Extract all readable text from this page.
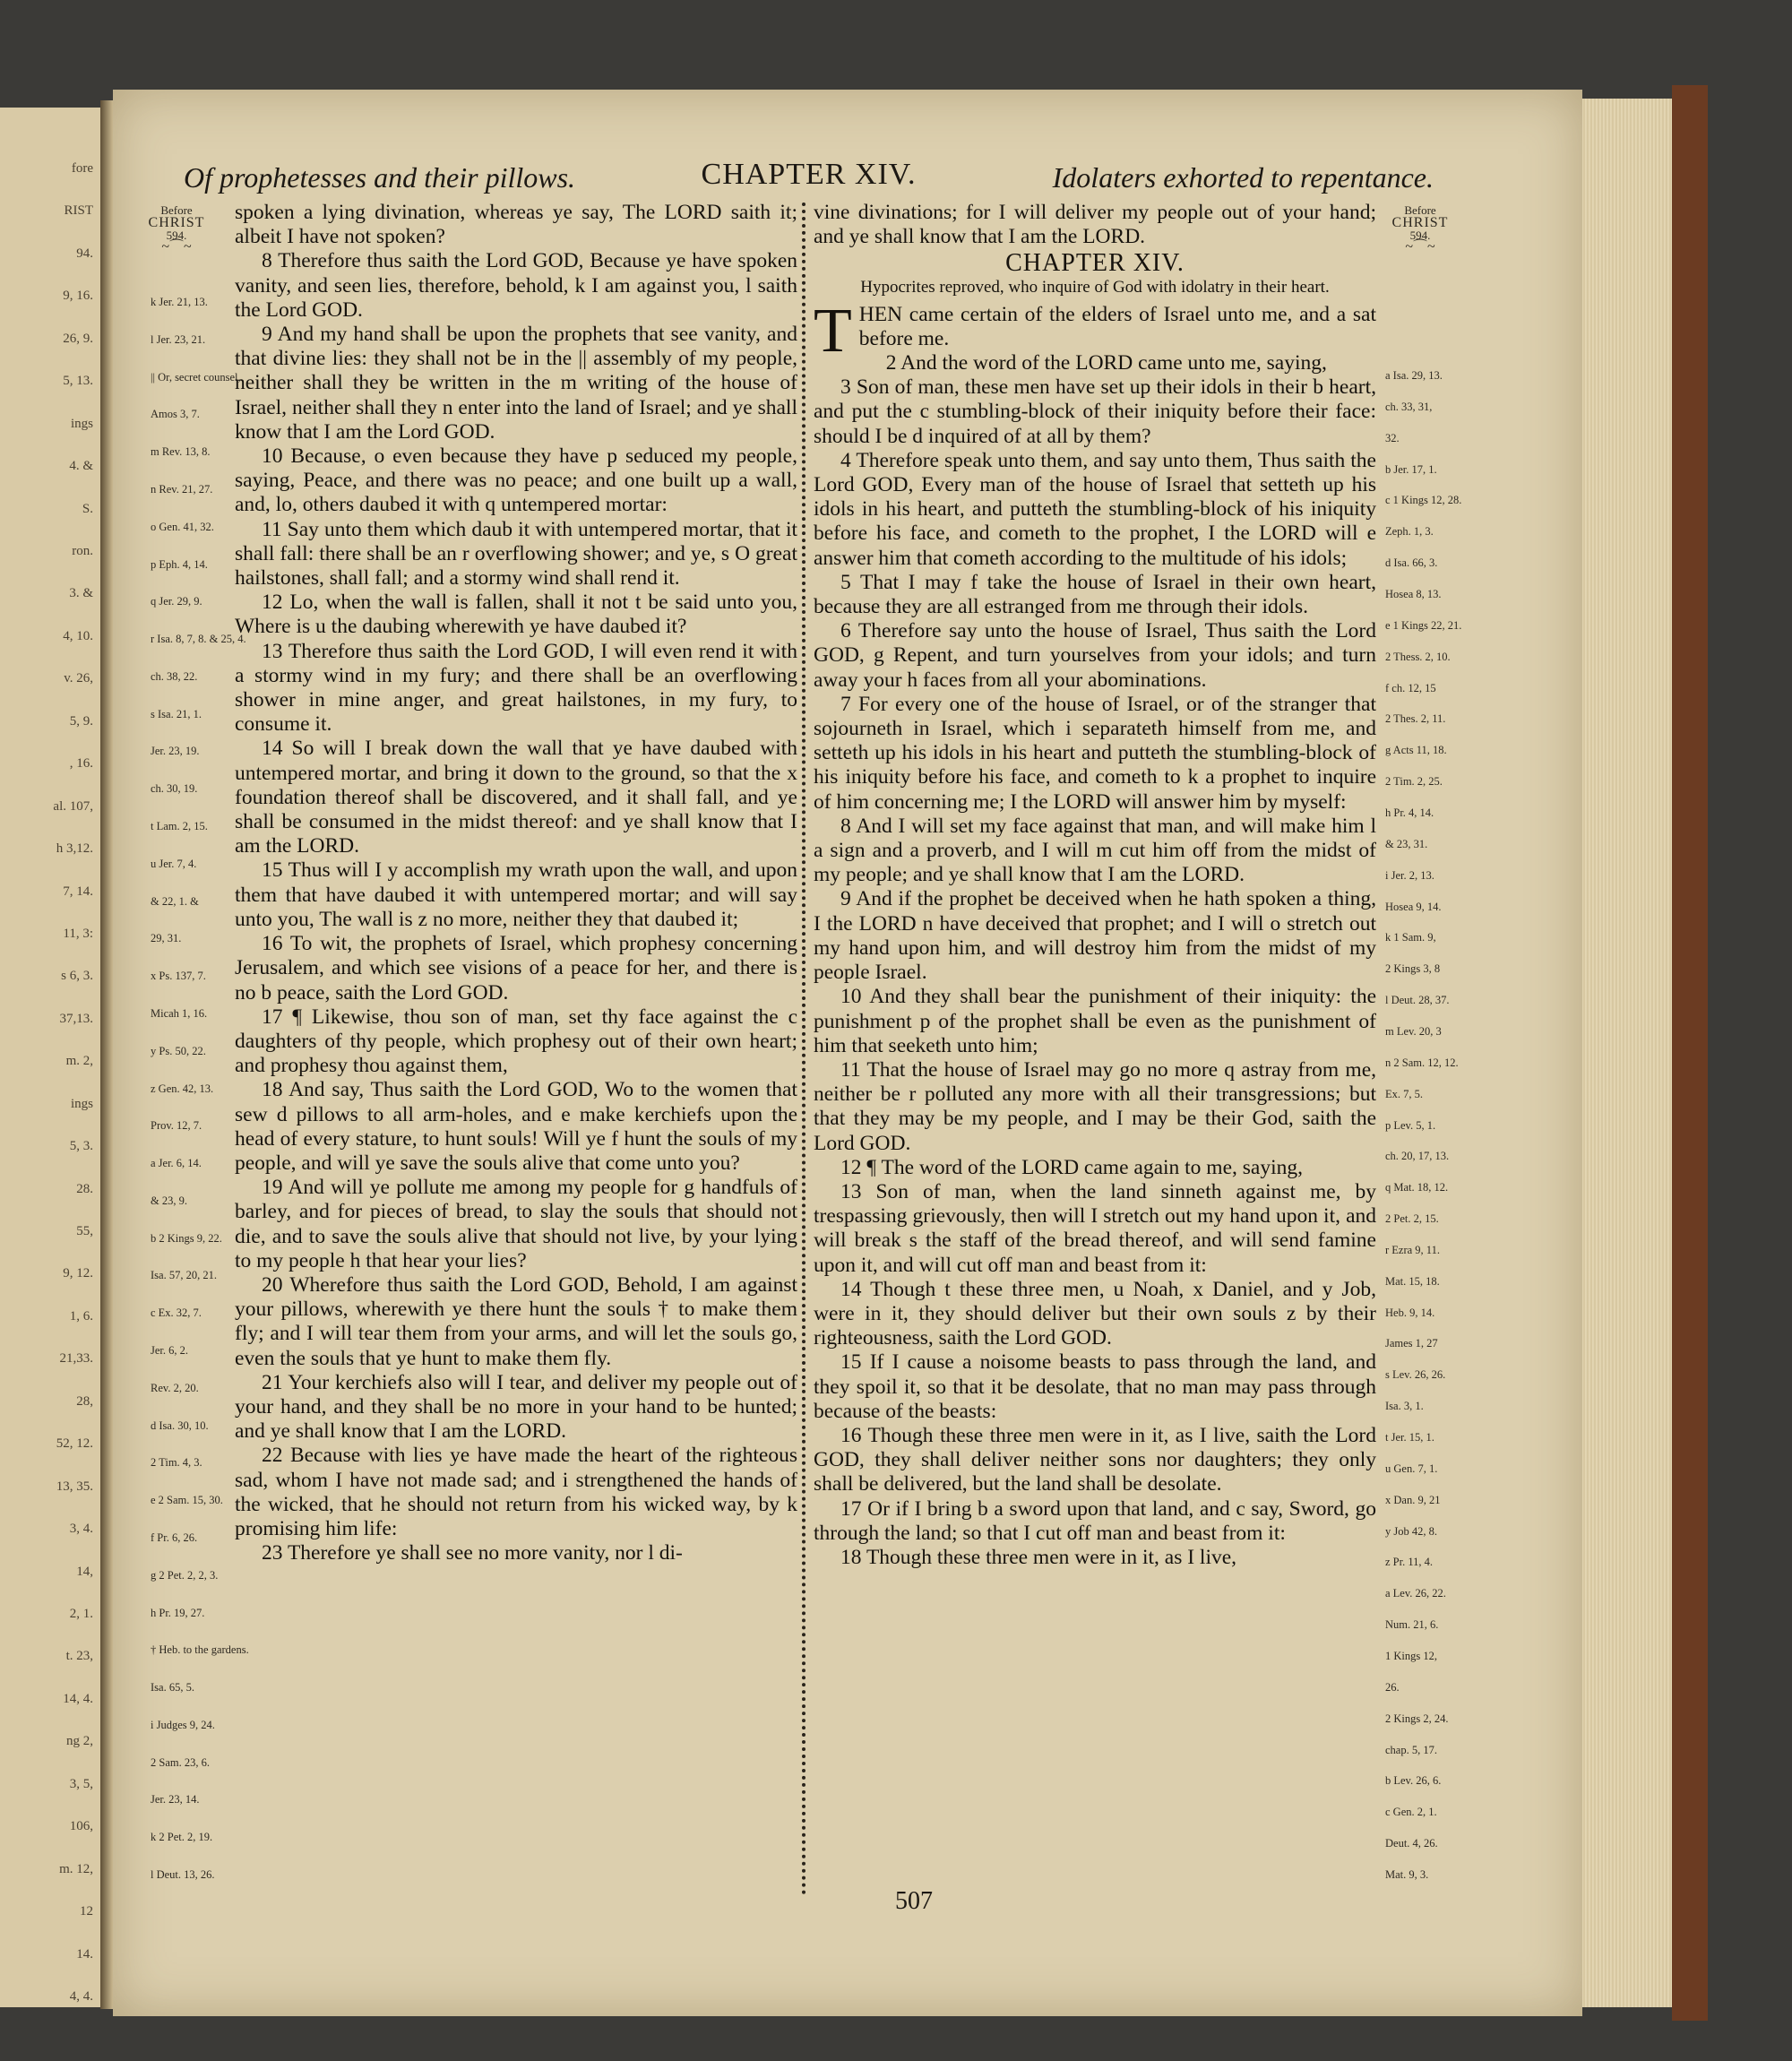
fore
RIST
94.
9, 16.
26, 9.
5, 13.
ings
4. &
S.
ron.
3. &
4, 10.
v. 26,
5, 9.
, 16.
al. 107,
h 3,12.
7, 14.
11, 3:
s 6, 3.
37,13.
m. 2,
ings
5, 3.
28.
55,
9, 12.
1, 6.
21,33.
28,
52, 12.
13, 35.
3, 4.
14,
2, 1.
t. 23,
14, 4.
ng 2,
3, 5,
106,
m. 12,
12
14.
4, 4.
Of prophetesses and their pillows.	CHAPTER XIV.	Idolaters exhorted to repentance.
Before
CHRIST
594.
~⌒~
Before
CHRIST
594.
~⌒~
k Jer. 21, 13.
l Jer. 23, 21.
|| Or, secret counsel,
Amos 3, 7.
m Rev. 13, 8.
n Rev. 21, 27.
o Gen. 41, 32.
p Eph. 4, 14.
q Jer. 29, 9.
r Isa. 8, 7, 8. & 25, 4.
ch. 38, 22.
s Isa. 21, 1.
Jer. 23, 19.
ch. 30, 19.
t Lam. 2, 15.
u Jer. 7, 4.
& 22, 1. &
29, 31.
x Ps. 137, 7.
Micah 1, 16.
y Ps. 50, 22.
z Gen. 42, 13.
Prov. 12, 7.
a Jer. 6, 14.
& 23, 9.
b 2 Kings 9, 22.
Isa. 57, 20, 21.
c Ex. 32, 7.
Jer. 6, 2.
Rev. 2, 20.
d Isa. 30, 10.
2 Tim. 4, 3.
e 2 Sam. 15, 30.
f Pr. 6, 26.
g 2 Pet. 2, 2, 3.
h Pr. 19, 27.
† Heb. to the gardens.
Isa. 65, 5.
i Judges 9, 24.
2 Sam. 23, 6.
Jer. 23, 14.
k 2 Pet. 2, 19.
l Deut. 13, 26.
a Isa. 29, 13.
ch. 33, 31,
32.
b Jer. 17, 1.
c 1 Kings 12, 28.
Zeph. 1, 3.
d Isa. 66, 3.
Hosea 8, 13.
e 1 Kings 22, 21.
2 Thess. 2, 10.
f ch. 12, 15
2 Thes. 2, 11.
g Acts 11, 18.
2 Tim. 2, 25.
h Pr. 4, 14.
& 23, 31.
i Jer. 2, 13.
Hosea 9, 14.
k 1 Sam. 9,
2 Kings 3, 8
l Deut. 28, 37.
m Lev. 20, 3
n 2 Sam. 12, 12.
Ex. 7, 5.
p Lev. 5, 1.
ch. 20, 17, 13.
q Mat. 18, 12.
2 Pet. 2, 15.
r Ezra 9, 11.
Mat. 15, 18.
Heb. 9, 14.
James 1, 27
s Lev. 26, 26.
Isa. 3, 1.
t Jer. 15, 1.
u Gen. 7, 1.
x Dan. 9, 21
y Job 42, 8.
z Pr. 11, 4.
a Lev. 26, 22.
Num. 21, 6.
1 Kings 12,
26.
2 Kings 2, 24.
chap. 5, 17.
b Lev. 26, 6.
c Gen. 2, 1.
Deut. 4, 26.
Mat. 9, 3.

spoken a lying divination, whereas ye say, The LORD saith it; albeit I have not spoken?

8 Therefore thus saith the Lord GOD, Because ye have spoken vanity, and seen lies, therefore, behold, k I am against you, l saith the Lord GOD.

9 And my hand shall be upon the prophets that see vanity, and that divine lies: they shall not be in the || assembly of my people, neither shall they be written in the m writing of the house of Israel, neither shall they n enter into the land of Israel; and ye shall know that I am the Lord GOD.

10 Because, o even because they have p seduced my people, saying, Peace, and there was no peace; and one built up a wall, and, lo, others daubed it with q untempered mortar:

11 Say unto them which daub it with untempered mortar, that it shall fall: there shall be an r overflowing shower; and ye, s O great hailstones, shall fall; and a stormy wind shall rend it.

12 Lo, when the wall is fallen, shall it not t be said unto you, Where is u the daubing wherewith ye have daubed it?

13 Therefore thus saith the Lord GOD, I will even rend it with a stormy wind in my fury; and there shall be an overflowing shower in mine anger, and great hailstones, in my fury, to consume it.

14 So will I break down the wall that ye have daubed with untempered mortar, and bring it down to the ground, so that the x foundation thereof shall be discovered, and it shall fall, and ye shall be consumed in the midst thereof: and ye shall know that I am the LORD.

15 Thus will I y accomplish my wrath upon the wall, and upon them that have daubed it with untempered mortar; and will say unto you, The wall is z no more, neither they that daubed it;

16 To wit, the prophets of Israel, which prophesy concerning Jerusalem, and which see visions of a peace for her, and there is no b peace, saith the Lord GOD.

17 ¶ Likewise, thou son of man, set thy face against the c daughters of thy people, which prophesy out of their own heart; and prophesy thou against them,

18 And say, Thus saith the Lord GOD, Wo to the women that sew d pillows to all arm-holes, and e make kerchiefs upon the head of every stature, to hunt souls! Will ye f hunt the souls of my people, and will ye save the souls alive that come unto you?

19 And will ye pollute me among my people for g handfuls of barley, and for pieces of bread, to slay the souls that should not die, and to save the souls alive that should not live, by your lying to my people h that hear your lies?

20 Wherefore thus saith the Lord GOD, Behold, I am against your pillows, wherewith ye there hunt the souls † to make them fly; and I will tear them from your arms, and will let the souls go, even the souls that ye hunt to make them fly.

21 Your kerchiefs also will I tear, and deliver my people out of your hand, and they shall be no more in your hand to be hunted; and ye shall know that I am the LORD.

22 Because with lies ye have made the heart of the righteous sad, whom I have not made sad; and i strengthened the hands of the wicked, that he should not return from his wicked way, by k promising him life:

23 Therefore ye shall see no more vanity, nor l di-

vine divinations; for I will deliver my people out of your hand; and ye shall know that I am the LORD.

CHAPTER XIV.
Hypocrites reproved, who inquire of God with idolatry in their heart.

THEN came certain of the elders of Israel unto me, and a sat before me.

2 And the word of the LORD came unto me, saying,

3 Son of man, these men have set up their idols in their b heart, and put the c stumbling-block of their iniquity before their face: should I be d inquired of at all by them?

4 Therefore speak unto them, and say unto them, Thus saith the Lord GOD, Every man of the house of Israel that setteth up his idols in his heart, and putteth the stumbling-block of his iniquity before his face, and cometh to the prophet, I the LORD will e answer him that cometh according to the multitude of his idols;

5 That I may f take the house of Israel in their own heart, because they are all estranged from me through their idols.

6 Therefore say unto the house of Israel, Thus saith the Lord GOD, g Repent, and turn yourselves from your idols; and turn away your h faces from all your abominations.

7 For every one of the house of Israel, or of the stranger that sojourneth in Israel, which i separateth himself from me, and setteth up his idols in his heart and putteth the stumbling-block of his iniquity before his face, and cometh to k a prophet to inquire of him concerning me; I the LORD will answer him by myself:

8 And I will set my face against that man, and will make him l a sign and a proverb, and I will m cut him off from the midst of my people; and ye shall know that I am the LORD.

9 And if the prophet be deceived when he hath spoken a thing, I the LORD n have deceived that prophet; and I will o stretch out my hand upon him, and will destroy him from the midst of my people Israel.

10 And they shall bear the punishment of their iniquity: the punishment p of the prophet shall be even as the punishment of him that seeketh unto him;

11 That the house of Israel may go no more q astray from me, neither be r polluted any more with all their transgressions; but that they may be my people, and I may be their God, saith the Lord GOD.

12 ¶ The word of the LORD came again to me, saying,

13 Son of man, when the land sinneth against me, by trespassing grievously, then will I stretch out my hand upon it, and will break s the staff of the bread thereof, and will send famine upon it, and will cut off man and beast from it:

14 Though t these three men, u Noah, x Daniel, and y Job, were in it, they should deliver but their own souls z by their righteousness, saith the Lord GOD.

15 If I cause a noisome beasts to pass through the land, and they spoil it, so that it be desolate, that no man may pass through because of the beasts:

16 Though these three men were in it, as I live, saith the Lord GOD, they shall deliver neither sons nor daughters; they only shall be delivered, but the land shall be desolate.

17 Or if I bring b a sword upon that land, and c say, Sword, go through the land; so that I cut off man and beast from it:

18 Though these three men were in it, as I live,

507
